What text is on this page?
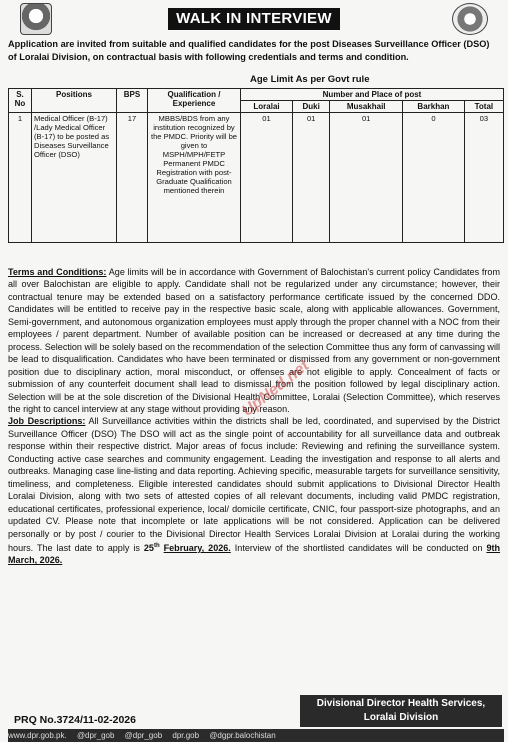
WALK IN INTERVIEW
Application are invited from suitable and qualified candidates for the post Diseases Surveillance Officer (DSO) of Loralai Division, on contractual basis with following credentials and terms and condition.
Age Limit As per Govt rule
S. No	Positions	BPS	Qualification / Experience	Number and Place of post				
				Loralai	Duki	Musakhail	Barkhan	Total
1	Medical Officer (B-17) /Lady Medical Officer (B-17) to be posted as Diseases Surveillance Officer (DSO)	17	MBBS/BDS from any institution recognized by the PMDC. Priority will be given to MSPH/MPH/FETP Permanent PMDC Registration with post- Graduate Qualification mentioned therein	01	01	01	0	03
Terms and Conditions: Age limits will be in accordance with Government of Balochistan's current policy Candidates from all over Balochistan are eligible to apply. Candidate shall not be regularized under any circumstance; however, their contractual tenure may be extended based on a satisfactory performance certificate issued by the concerned DDO. Candidates will be entitled to receive pay in the respective basic scale, along with applicable allowances. Government, Semi-government, and autonomous organization employees must apply through the proper channel with a NOC from their employees / parent department. Number of available position can be increased or decreased at any time during the process. Selection will be solely based on the recommendation of the selection Committee thus any form of canvassing will be lead to disqualification. Candidates who have been terminated or dismissed from any government or non-government position due to disciplinary action, moral misconduct, or offenses are not eligible to apply. Concealment of facts or submission of any counterfeit document shall lead to dismissal from the position followed by legal disciplinary action. Selection will be at the sole discretion of the Divisional Health Committee, Loralai (Selection Committee), which reserves the right to cancel interview at any stage without providing any reason.
Job Descriptions: All Surveillance activities within the districts shall be led, coordinated, and supervised by the District Surveillance Officer (DSO) The DSO will act as the single point of accountability for all surveillance data and outbreak response within their respective district. Major areas of focus include: Reviewing and refining the surveillance system. Conducting active case searches and community engagement. Leading the investigation and response to all alerts and outbreaks. Managing case line-listing and data reporting. Achieving specific, measurable targets for surveillance sensitivity, timeliness, and completeness. Eligible interested candidates should submit applications to Divisional Director Health Loralai Division, along with two sets of attested copies of all relevant documents, including valid PMDC registration, educational certificates, professional experience, local/ domicile certificate, CNIC, four passport-size photographs, and an updated CV. Please note that incomplete or late applications will be not considered. Application can be delivered personally or by post / courier to the Divisional Director Health Services Loralai Division at Loralai during the working hours. The last date to apply is 25th February, 2026. Interview of the shortlisted candidates will be conducted on 9th March, 2026.
UpNed.net
Divisional Director Health Services,
Loralai Division
PRQ No.3724/11-02-2026
www.dpr.gob.pk. @dpr_gob @dpr_gob dpr.gob @dgpr.balochistan
